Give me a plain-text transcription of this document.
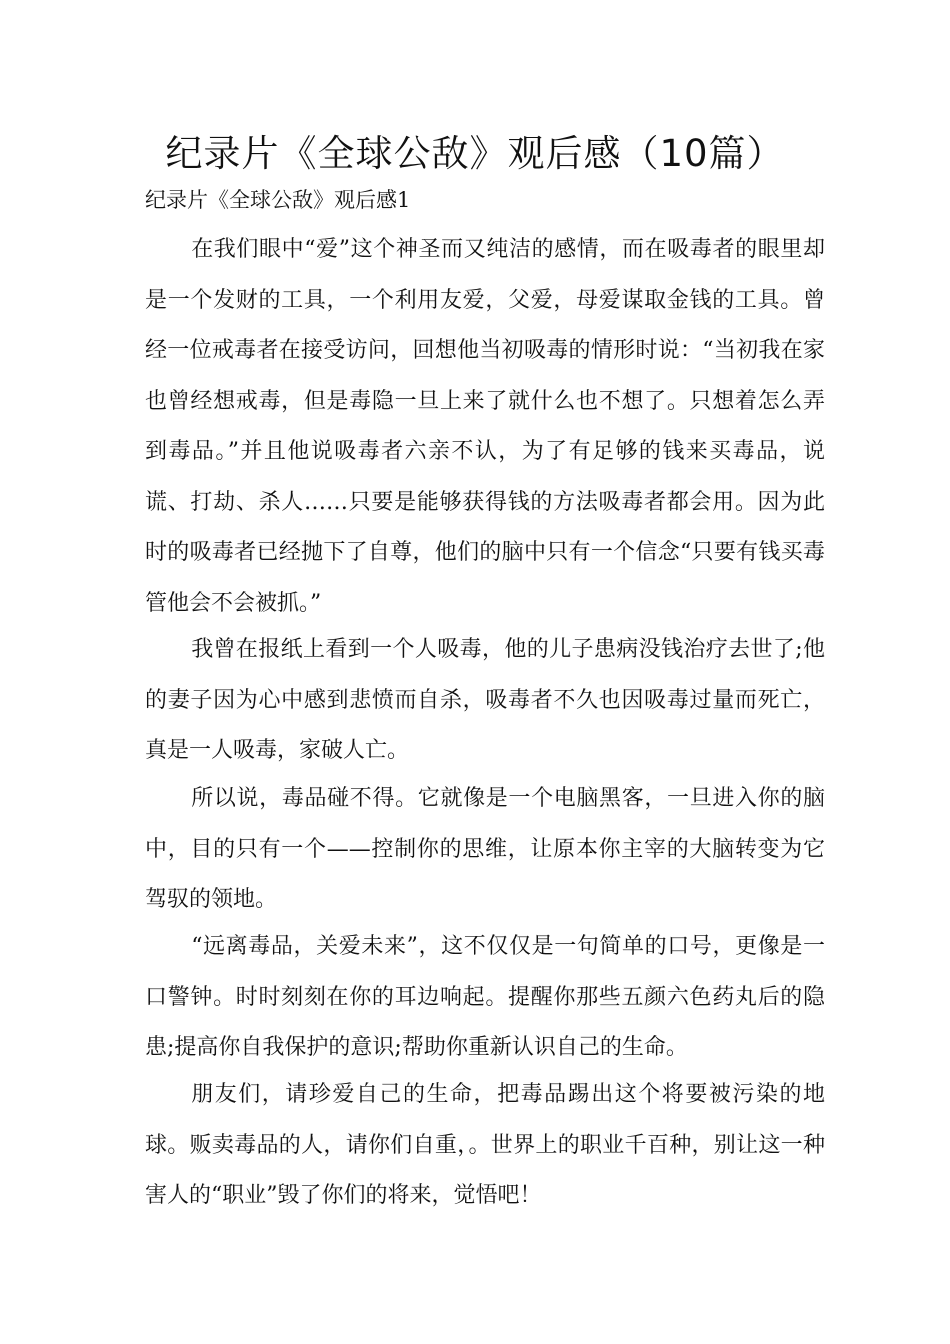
纪录片《全球公敌》观后感（10篇）
纪录片《全球公敌》观后感1

在我们眼中“爱”这个神圣而又纯洁的感情，而在吸毒者的眼里却是一个发财的工具，一个利用友爱，父爱，母爱谋取金钱的工具。曾经一位戒毒者在接受访问，回想他当初吸毒的情形时说：“当初我在家也曾经想戒毒，但是毒隐一旦上来了就什么也不想了。只想着怎么弄到毒品。”并且他说吸毒者六亲不认，为了有足够的钱来买毒品，说谎、打劫、杀人……只要是能够获得钱的方法吸毒者都会用。因为此时的吸毒者已经抛下了自尊，他们的脑中只有一个信念“只要有钱买毒管他会不会被抓。”

我曾在报纸上看到一个人吸毒，他的儿子患病没钱治疗去世了;他的妻子因为心中感到悲愤而自杀，吸毒者不久也因吸毒过量而死亡，真是一人吸毒，家破人亡。

所以说，毒品碰不得。它就像是一个电脑黑客，一旦进入你的脑中，目的只有一个——控制你的思维，让原本你主宰的大脑转变为它驾驭的领地。

“远离毒品，关爱未来”，这不仅仅是一句简单的口号，更像是一口警钟。时时刻刻在你的耳边响起。提醒你那些五颜六色药丸后的隐患;提高你自我保护的意识;帮助你重新认识自己的生命。

朋友们，请珍爱自己的生命，把毒品踢出这个将要被污染的地球。贩卖毒品的人，请你们自重，。世界上的职业千百种，别让这一种害人的“职业”毁了你们的将来，觉悟吧！
